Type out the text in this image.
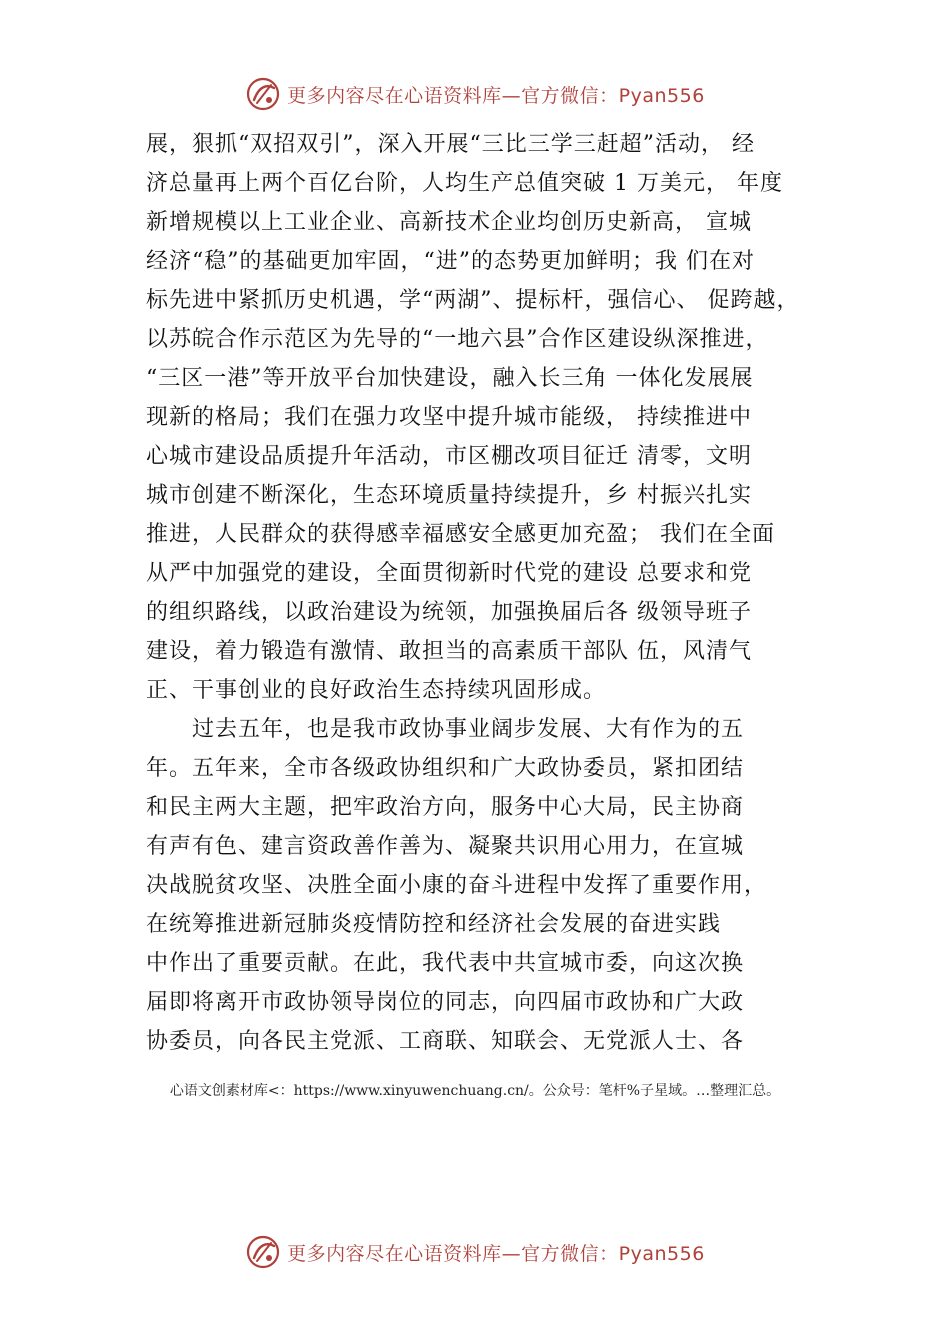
更多内容尽在心语资料库—官方微信：Pyan556
展，狠抓“双招双引”，深入开展“三比三学三赶超”活动， 经
济总量再上两个百亿台阶，人均生产总值突破 1 万美元， 年度
新增规模以上工业企业、高新技术企业均创历史新高， 宣城
经济“稳”的基础更加牢固，“进”的态势更加鲜明；我 们在对
标先进中紧抓历史机遇，学“两湖”、提标杆，强信心、 促跨越，
以苏皖合作示范区为先导的“一地六县”合作区建设纵深推进，
“三区一港”等开放平台加快建设，融入长三角 一体化发展展
现新的格局；我们在强力攻坚中提升城市能级， 持续推进中
心城市建设品质提升年活动，市区棚改项目征迁 清零，文明
城市创建不断深化，生态环境质量持续提升，乡 村振兴扎实
推进，人民群众的获得感幸福感安全感更加充盈； 我们在全面
从严中加强党的建设，全面贯彻新时代党的建设 总要求和党
的组织路线，以政治建设为统领，加强换届后各 级领导班子
建设，着力锻造有激情、敢担当的高素质干部队 伍，风清气
正、干事创业的良好政治生态持续巩固形成。
过去五年，也是我市政协事业阔步发展、大有作为的五
年。五年来，全市各级政协组织和广大政协委员，紧扣团结
和民主两大主题，把牢政治方向，服务中心大局，民主协商
有声有色、建言资政善作善为、凝聚共识用心用力，在宣城
决战脱贫攻坚、决胜全面小康的奋斗进程中发挥了重要作用，
在统筹推进新冠肺炎疫情防控和经济社会发展的奋进实践
中作出了重要贡献。在此，我代表中共宣城市委，向这次换
届即将离开市政协领导岗位的同志，向四届市政协和广大政
协委员，向各民主党派、工商联、知联会、无党派人士、各
心语文创素材库<：https://www.xinyuwenchuang.cn/。公众号：笔杆%子星域。…整理汇总。
更多内容尽在心语资料库—官方微信：Pyan556
